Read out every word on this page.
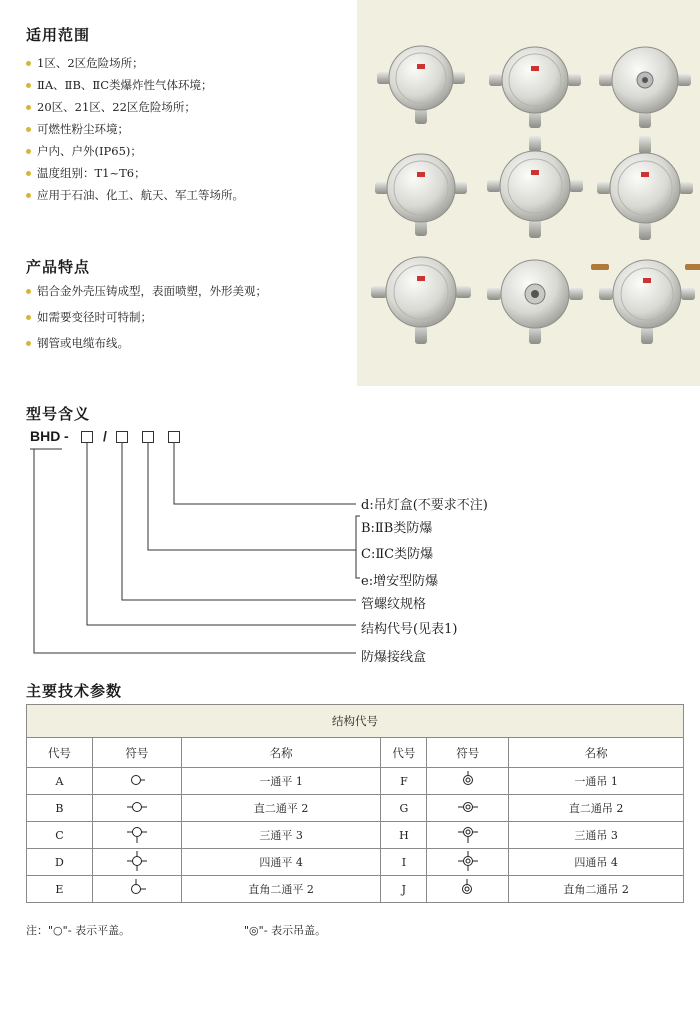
适用范围
1区、2区危险场所；
ⅡA、ⅡB、ⅡC类爆炸性气体环境；
20区、21区、22区危险场所；
可燃性粉尘环境；
户内、户外(IP65)；
温度组别：T1~T6；
应用于石油、化工、航天、军工等场所。
产品特点
铝合金外壳压铸成型，表面喷塑，外形美观；
如需要变径时可特制；
钢管或电缆布线。
型号含义
BHD - /
d:吊灯盒(不要求不注)
B:ⅡB类防爆
C:ⅡC类防爆
e:增安型防爆
管螺纹规格
结构代号(见表1)
防爆接线盒
主要技术参数
结构代号					
代号	符号	名称	代号	符号	名称
A		一通平 1	F		一通吊 1
B		直二通平 2	G		直二通吊 2
C		三通平 3	H		三通吊 3
D		四通平 4	I		四通吊 4
E		直角二通平 2	J		直角二通吊 2
注："○"- 表示平盖。	"◎"- 表示吊盖。
